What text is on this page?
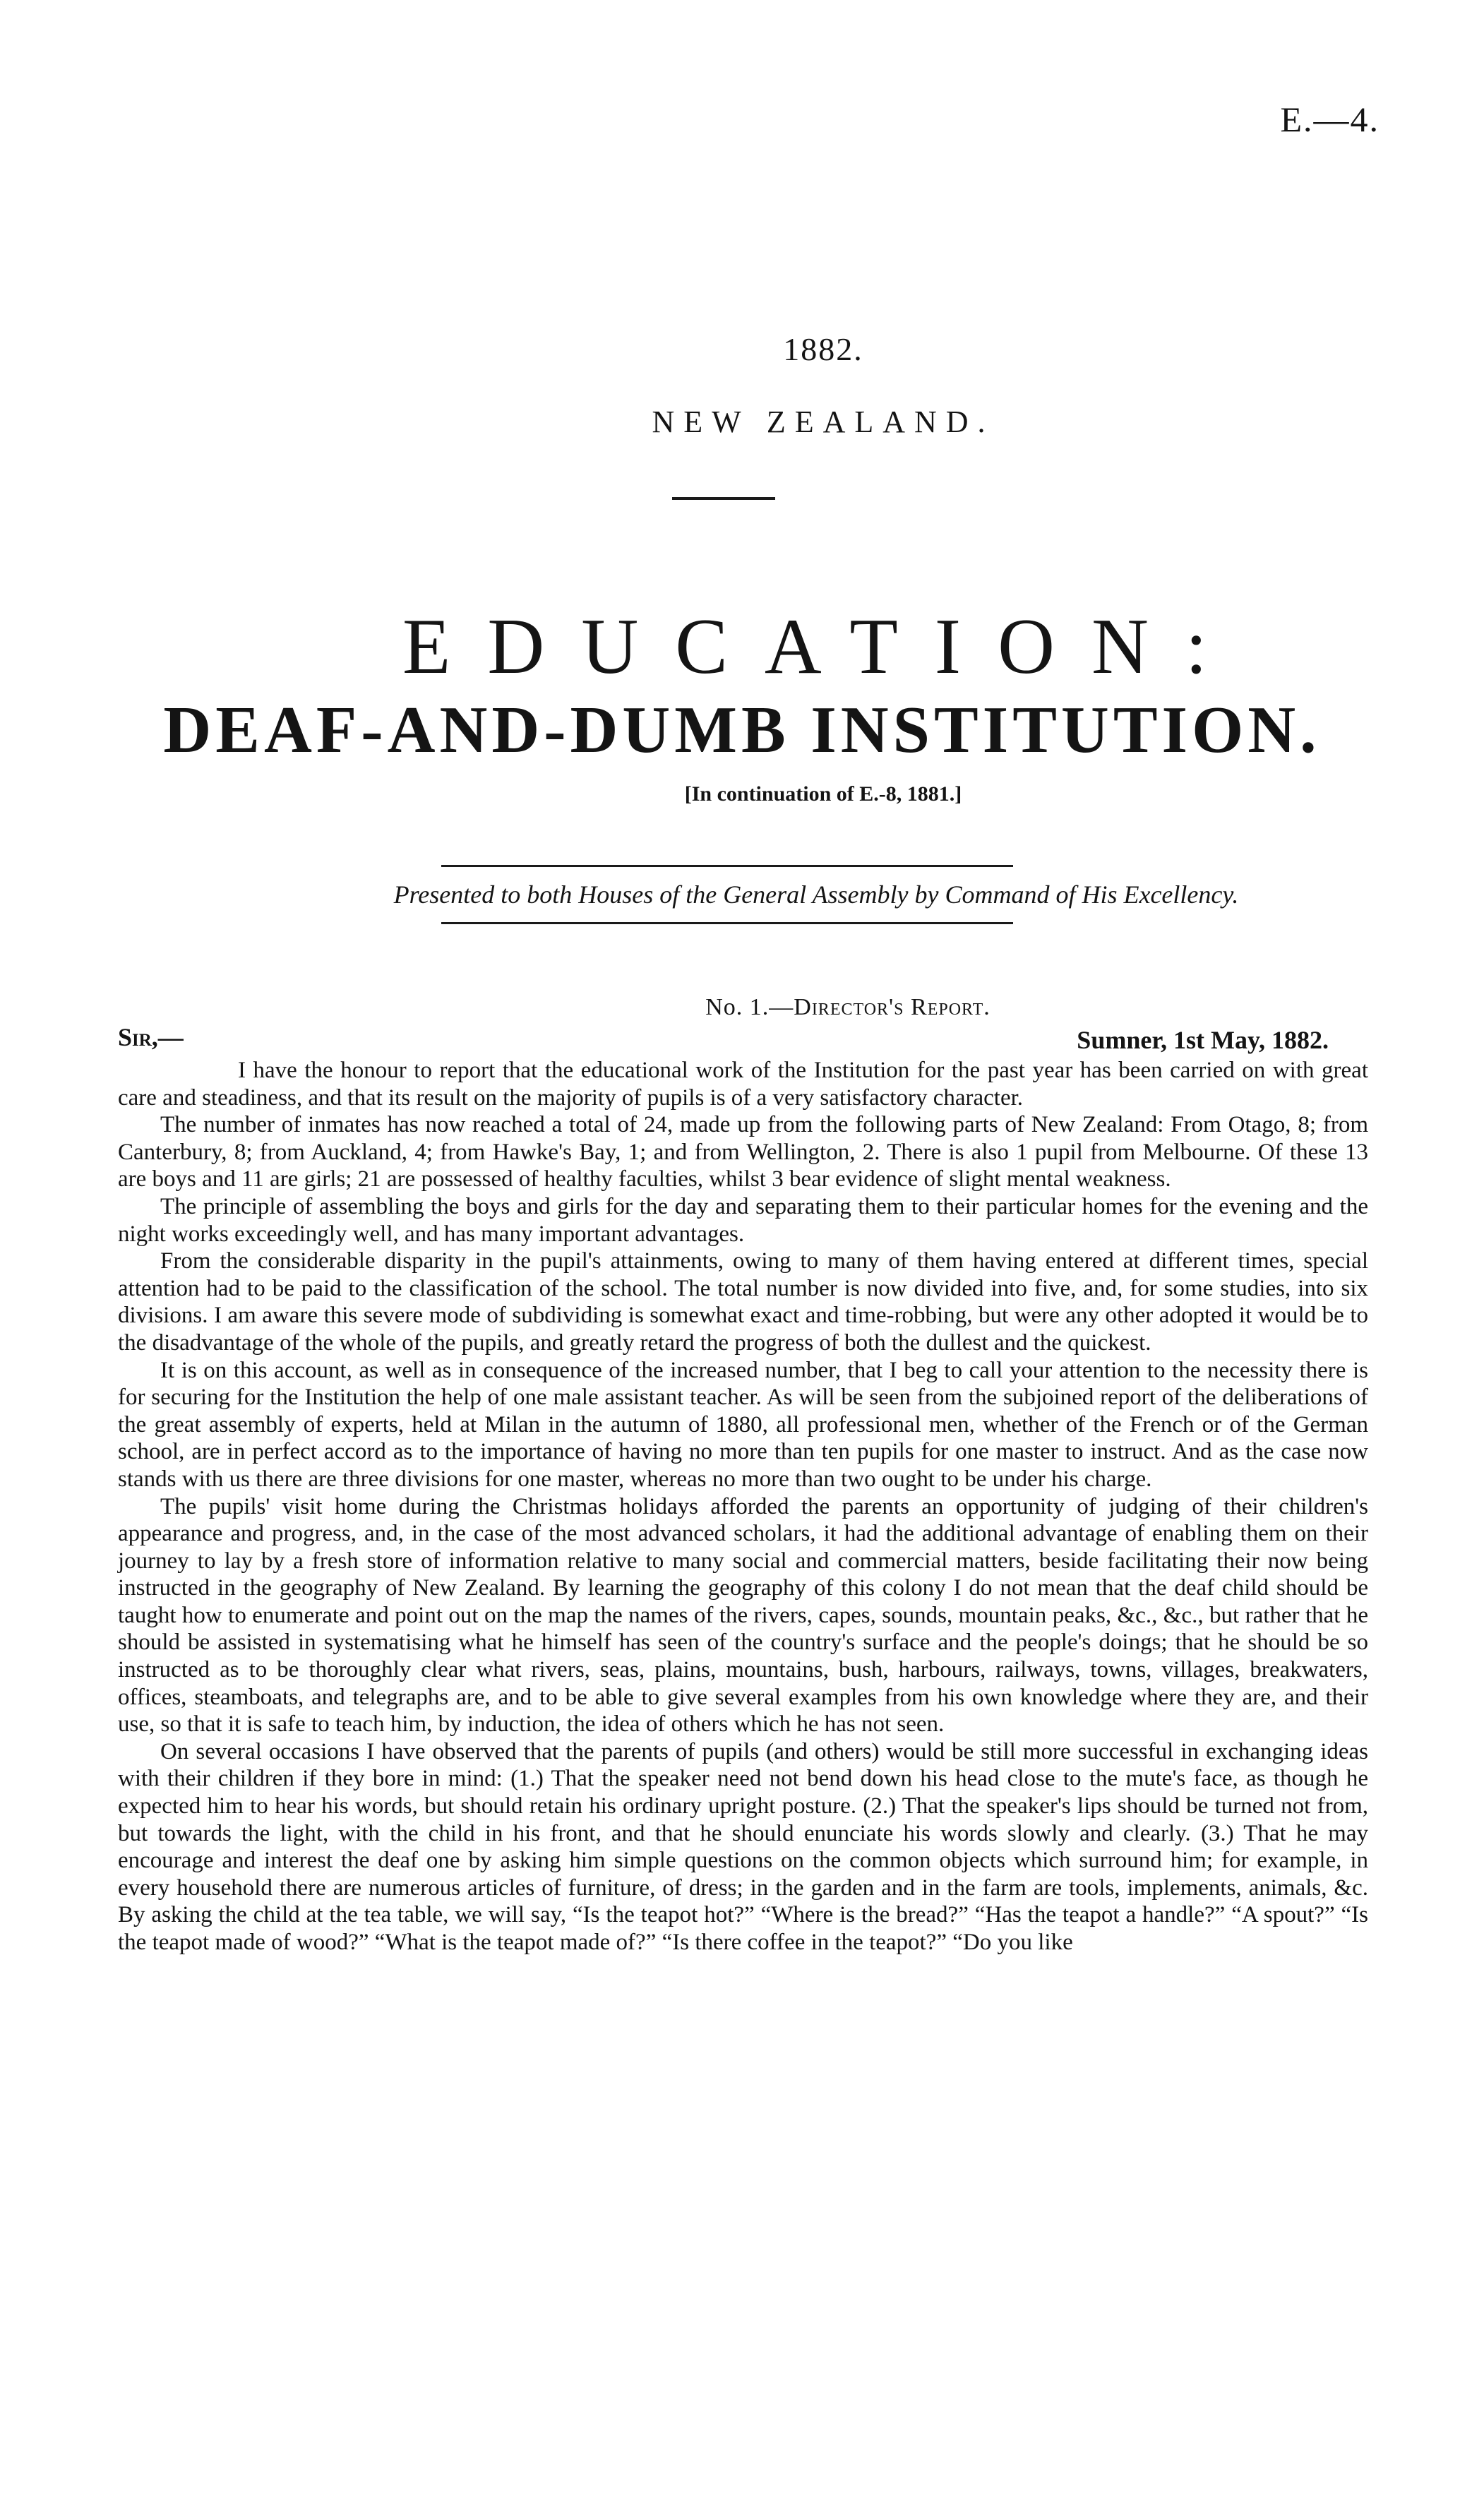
E.—4.
1882.
NEW ZEALAND.
EDUCATION:
DEAF-AND-DUMB INSTITUTION.
[In continuation of E.-8, 1881.]
Presented to both Houses of the General Assembly by Command of His Excellency.
No. 1.—Director's Report.
Sir,—	Sumner, 1st May, 1882.

I have the honour to report that the educational work of the Institution for the past year has been carried on with great care and steadiness, and that its result on the majority of pupils is of a very satisfactory character.

The number of inmates has now reached a total of 24, made up from the following parts of New Zealand: From Otago, 8; from Canterbury, 8; from Auckland, 4; from Hawke's Bay, 1; and from Wellington, 2. There is also 1 pupil from Melbourne. Of these 13 are boys and 11 are girls; 21 are possessed of healthy faculties, whilst 3 bear evidence of slight mental weakness.

The principle of assembling the boys and girls for the day and separating them to their particular homes for the evening and the night works exceedingly well, and has many important advantages.

From the considerable disparity in the pupil's attainments, owing to many of them having entered at different times, special attention had to be paid to the classification of the school. The total number is now divided into five, and, for some studies, into six divisions. I am aware this severe mode of subdividing is somewhat exact and time-robbing, but were any other adopted it would be to the disadvantage of the whole of the pupils, and greatly retard the progress of both the dullest and the quickest.

It is on this account, as well as in consequence of the increased number, that I beg to call your attention to the necessity there is for securing for the Institution the help of one male assistant teacher. As will be seen from the subjoined report of the deliberations of the great assembly of experts, held at Milan in the autumn of 1880, all professional men, whether of the French or of the German school, are in perfect accord as to the importance of having no more than ten pupils for one master to instruct. And as the case now stands with us there are three divisions for one master, whereas no more than two ought to be under his charge.

The pupils' visit home during the Christmas holidays afforded the parents an opportunity of judging of their children's appearance and progress, and, in the case of the most advanced scholars, it had the additional advantage of enabling them on their journey to lay by a fresh store of information relative to many social and commercial matters, beside facilitating their now being instructed in the geography of New Zealand. By learning the geography of this colony I do not mean that the deaf child should be taught how to enumerate and point out on the map the names of the rivers, capes, sounds, mountain peaks, &c., &c., but rather that he should be assisted in systematising what he himself has seen of the country's surface and the people's doings; that he should be so instructed as to be thoroughly clear what rivers, seas, plains, mountains, bush, harbours, railways, towns, villages, breakwaters, offices, steamboats, and telegraphs are, and to be able to give several examples from his own knowledge where they are, and their use, so that it is safe to teach him, by induction, the idea of others which he has not seen.

On several occasions I have observed that the parents of pupils (and others) would be still more successful in exchanging ideas with their children if they bore in mind: (1.) That the speaker need not bend down his head close to the mute's face, as though he expected him to hear his words, but should retain his ordinary upright posture. (2.) That the speaker's lips should be turned not from, but towards the light, with the child in his front, and that he should enunciate his words slowly and clearly. (3.) That he may encourage and interest the deaf one by asking him simple questions on the common objects which surround him; for example, in every household there are numerous articles of furniture, of dress; in the garden and in the farm are tools, implements, animals, &c. By asking the child at the tea table, we will say, “Is the teapot hot?” “Where is the bread?” “Has the teapot a handle?” “A spout?” “Is the teapot made of wood?” “What is the teapot made of?” “Is there coffee in the teapot?” “Do you like
